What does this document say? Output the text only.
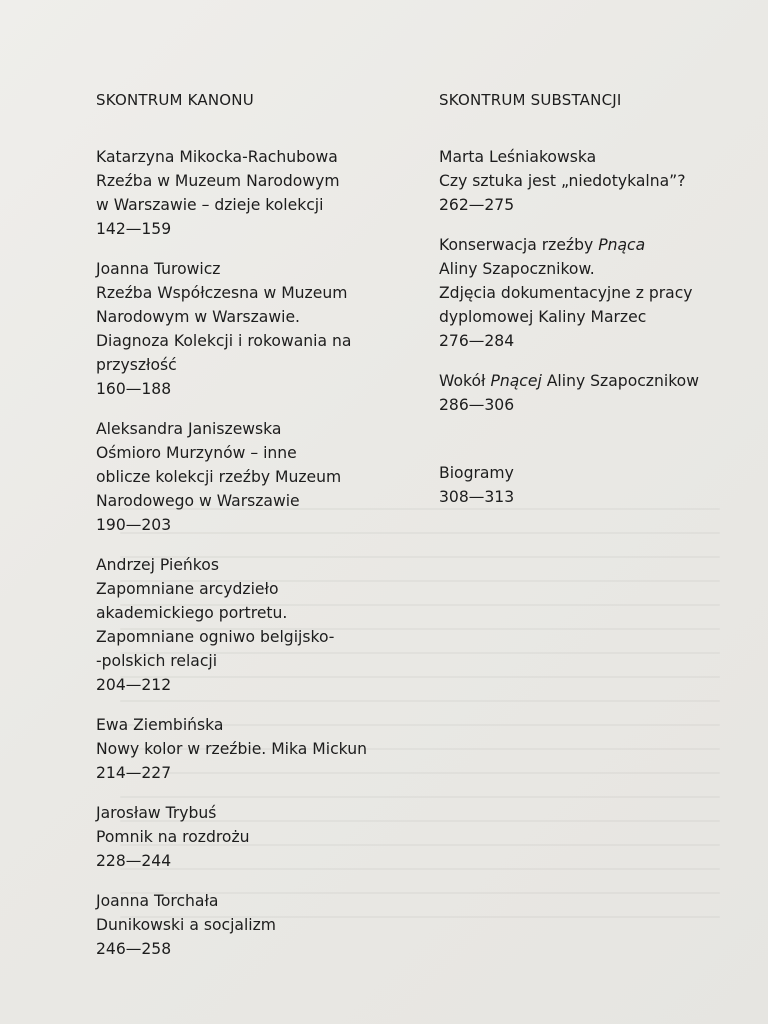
SKONTRUM KANONU
Katarzyna Mikocka-Rachubowa
Rzeźba w Muzeum Narodowym
w Warszawie – dzieje kolekcji
142—159
Joanna Turowicz
Rzeźba Współczesna w Muzeum
Narodowym w Warszawie.
Diagnoza Kolekcji i rokowania na
przyszłość
160—188
Aleksandra Janiszewska
Ośmioro Murzynów – inne
oblicze kolekcji rzeźby Muzeum
Narodowego w Warszawie
190—203
Andrzej Pieńkos
Zapomniane arcydzieło
akademickiego portretu.
Zapomniane ogniwo belgijsko-
-polskich relacji
204—212
Ewa Ziembińska
Nowy kolor w rzeźbie. Mika Mickun
214—227
Jarosław Trybuś
Pomnik na rozdrożu
228—244
Joanna Torchała
Dunikowski a socjalizm
246—258
SKONTRUM SUBSTANCJI
Marta Leśniakowska
Czy sztuka jest „niedotykalna”?
262—275
Konserwacja rzeźby Pnąca
Aliny Szapocznikow.
Zdjęcia dokumentacyjne z pracy
dyplomowej Kaliny Marzec
276—284
Wokół Pnącej Aliny Szapocznikow
286—306
Biogramy
308—313
